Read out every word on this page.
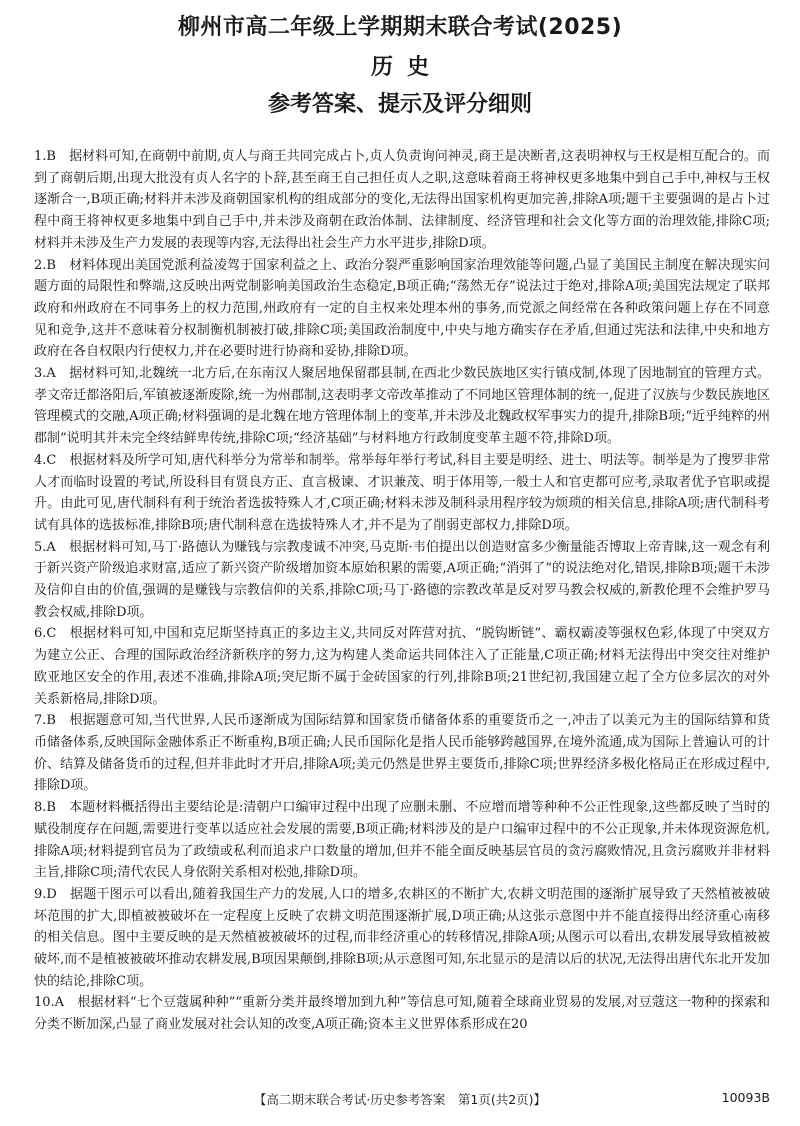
柳州市高二年级上学期期末联合考试(2025)
历史
参考答案、提示及评分细则

1.B　据材料可知,在商朝中前期,贞人与商王共同完成占卜,贞人负责询问神灵,商王是决断者,这表明神权与王权是相互配合的。而到了商朝后期,出现大批没有贞人名字的卜辞,甚至商王自己担任贞人之职,这意味着商王将神权更多地集中到自己手中,神权与王权逐渐合一,B项正确;材料并未涉及商朝国家机构的组成部分的变化,无法得出国家机构更加完善,排除A项;题干主要强调的是占卜过程中商王将神权更多地集中到自己手中,并未涉及商朝在政治体制、法律制度、经济管理和社会文化等方面的治理效能,排除C项;材料并未涉及生产力发展的表现等内容,无法得出社会生产力水平进步,排除D项。

2.B　材料体现出美国党派利益凌驾于国家利益之上、政治分裂严重影响国家治理效能等问题,凸显了美国民主制度在解决现实问题方面的局限性和弊端,这反映出两党制影响美国政治生态稳定,B项正确;“荡然无存”说法过于绝对,排除A项;美国宪法规定了联邦政府和州政府在不同事务上的权力范围,州政府有一定的自主权来处理本州的事务,而党派之间经常在各种政策问题上存在不同意见和竞争,这并不意味着分权制衡机制被打破,排除C项;美国政治制度中,中央与地方确实存在矛盾,但通过宪法和法律,中央和地方政府在各自权限内行使权力,并在必要时进行协商和妥协,排除D项。

3.A　据材料可知,北魏统一北方后,在东南汉人聚居地保留郡县制,在西北少数民族地区实行镇戍制,体现了因地制宜的管理方式。孝文帝迁都洛阳后,军镇被逐渐废除,统一为州郡制,这表明孝文帝改革推动了不同地区管理体制的统一,促进了汉族与少数民族地区管理模式的交融,A项正确;材料强调的是北魏在地方管理体制上的变革,并未涉及北魏政权军事实力的提升,排除B项;“近乎纯粹的州郡制”说明其并未完全终结鲜卑传统,排除C项;“经济基础”与材料地方行政制度变革主题不符,排除D项。

4.C　根据材料及所学可知,唐代科举分为常举和制举。常举每年举行考试,科目主要是明经、进士、明法等。制举是为了搜罗非常人才而临时设置的考试,所设科目有贤良方正、直言极谏、才识兼茂、明于体用等,一般士人和官吏都可应考,录取者优予官职或提升。由此可见,唐代制科有利于统治者选拔特殊人才,C项正确;材料未涉及制科录用程序较为烦琐的相关信息,排除A项;唐代制科考试有具体的选拔标准,排除B项;唐代制科意在选拔特殊人才,并不是为了削弱吏部权力,排除D项。

5.A　根据材料可知,马丁·路德认为赚钱与宗教虔诚不冲突,马克斯·韦伯提出以创造财富多少衡量能否博取上帝青睐,这一观念有利于新兴资产阶级追求财富,适应了新兴资产阶级增加资本原始积累的需要,A项正确;“消弭了”的说法绝对化,错误,排除B项;题干未涉及信仰自由的价值,强调的是赚钱与宗教信仰的关系,排除C项;马丁·路德的宗教改革是反对罗马教会权威的,新教伦理不会维护罗马教会权威,排除D项。

6.C　根据材料可知,中国和克尼斯坚持真正的多边主义,共同反对阵营对抗、“脱钩断链”、霸权霸凌等强权色彩,体现了中突双方为建立公正、合理的国际政治经济新秩序的努力,这为构建人类命运共同体注入了正能量,C项正确;材料无法得出中突交往对维护欧亚地区安全的作用,表述不准确,排除A项;突尼斯不属于金砖国家的行列,排除B项;21世纪初,我国建立起了全方位多层次的对外关系新格局,排除D项。

7.B　根据题意可知,当代世界,人民币逐渐成为国际结算和国家货币储备体系的重要货币之一,冲击了以美元为主的国际结算和货币储备体系,反映国际金融体系正不断重构,B项正确;人民币国际化是指人民币能够跨越国界,在境外流通,成为国际上普遍认可的计价、结算及储备货币的过程,但并非此时才开启,排除A项;美元仍然是世界主要货币,排除C项;世界经济多极化格局正在形成过程中,排除D项。

8.B　本题材料概括得出主要结论是:清朝户口编审过程中出现了应删未删、不应增而增等种种不公正性现象,这些都反映了当时的赋役制度存在问题,需要进行变革以适应社会发展的需要,B项正确;材料涉及的是户口编审过程中的不公正现象,并未体现资源危机,排除A项;材料提到官员为了政绩或私利而追求户口数量的增加,但并不能全面反映基层官员的贪污腐败情况,且贪污腐败并非材料主旨,排除C项;清代农民人身依附关系相对松弛,排除D项。

9.D　据题干图示可以看出,随着我国生产力的发展,人口的增多,农耕区的不断扩大,农耕文明范围的逐渐扩展导致了天然植被被破坏范围的扩大,即植被被破坏在一定程度上反映了农耕文明范围逐渐扩展,D项正确;从这张示意图中并不能直接得出经济重心南移的相关信息。图中主要反映的是天然植被被破坏的过程,而非经济重心的转移情况,排除A项;从图示可以看出,农耕发展导致植被被破坏,而不是植被被破坏推动农耕发展,B项因果颠倒,排除B项;从示意图可知,东北显示的是清以后的状况,无法得出唐代东北开发加快的结论,排除C项。

10.A　根据材料“七个豆蔻属种种”“重新分类并最终增加到九种”等信息可知,随着全球商业贸易的发展,对豆蔻这一物种的探索和分类不断加深,凸显了商业发展对社会认知的改变,A项正确;资本主义世界体系形成在20

【高二期末联合考试·历史参考答案　第1页(共2页)】	10093B
